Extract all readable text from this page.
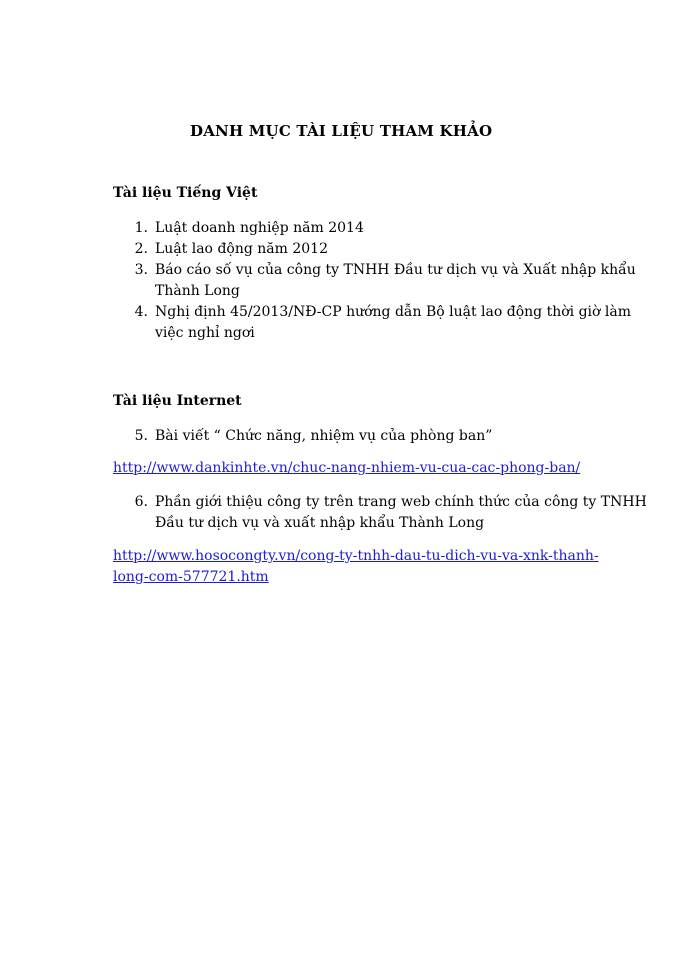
DANH MỤC TÀI LIỆU THAM KHẢO
Tài liệu Tiếng Việt
1. Luật doanh nghiệp năm 2014
2. Luật lao động năm 2012
3. Báo cáo số vụ của công ty TNHH Đầu tư dịch vụ và Xuất nhập khẩu Thành Long
4. Nghị định 45/2013/NĐ-CP hướng dẫn Bộ luật lao động thời giờ làm việc nghỉ ngơi
Tài liệu Internet
5. Bài viết “ Chức năng, nhiệm vụ của phòng ban”
http://www.dankinhte.vn/chuc-nang-nhiem-vu-cua-cac-phong-ban/
6. Phần giới thiệu công ty trên trang web chính thức của công ty TNHH Đầu tư dịch vụ và xuất nhập khẩu Thành Long
http://www.hosocongty.vn/cong-ty-tnhh-dau-tu-dich-vu-va-xnk-thanh-long-com-577721.htm
